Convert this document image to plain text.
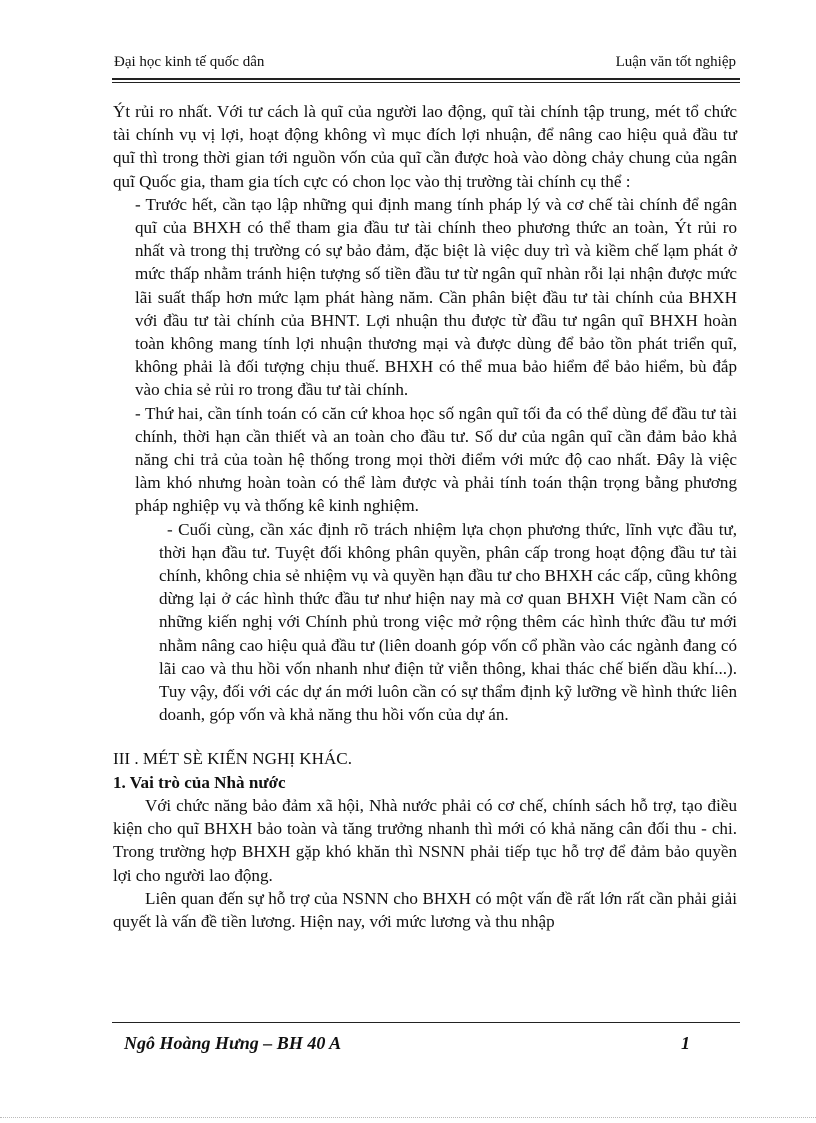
Đại học kinh tế quốc dân	Luận văn tốt nghiệp

Ýt rủi ro nhất. Với tư cách là quĩ của người lao động, quĩ tài chính tập trung, mét tổ chức tài chính vụ vị lợi, hoạt động không vì mục đích lợi nhuận, để nâng cao hiệu quả đầu tư quĩ thì trong thời gian tới nguồn vốn của quĩ cần được hoà vào dòng chảy chung của ngân quĩ Quốc gia, tham gia tích cực có chon lọc vào thị trường tài chính cụ thể :

- Trước hết, cần tạo lập những qui định mang tính pháp lý và cơ chế tài chính để ngân quĩ của BHXH có thể tham gia đầu tư tài chính theo phương thức an toàn, Ýt rủi ro nhất và trong thị trường có sự bảo đảm, đặc biệt là việc duy trì và kiềm chế lạm phát ở mức thấp nhằm tránh hiện tượng số tiền đầu tư từ ngân quĩ nhàn rỗi lại nhận được mức lãi suất thấp hơn mức lạm phát hàng năm. Cần phân biệt đầu tư tài chính của BHXH với đầu tư tài chính của BHNT. Lợi nhuận thu được từ đầu tư ngân quĩ BHXH hoàn toàn không mang tính lợi nhuận thương mại và được dùng để bảo tồn phát triển quĩ, không phải là đối tượng chịu thuế. BHXH có thể mua bảo hiểm để bảo hiểm, bù đắp vào chia sẻ rủi ro trong đầu tư tài chính.

- Thứ hai, cần tính toán có căn cứ khoa học số ngân quĩ tối đa có thể dùng để đầu tư tài chính, thời hạn cần thiết và an toàn cho đầu tư. Số dư của ngân quĩ cần đảm bảo khả năng chi trả của toàn hệ thống trong mọi thời điểm với mức độ cao nhất. Đây là việc làm khó nhưng hoàn toàn có thể làm được và phải tính toán thận trọng bằng phương pháp nghiệp vụ và thống kê kinh nghiệm.

- Cuối cùng, cần xác định rõ trách nhiệm lựa chọn phương thức, lĩnh vực đầu tư, thời hạn đầu tư. Tuyệt đối không phân quyền, phân cấp trong hoạt động đầu tư tài chính, không chia sẻ nhiệm vụ và quyền hạn đầu tư cho BHXH các cấp, cũng không dừng lại ở các hình thức đầu tư như hiện nay mà cơ quan BHXH Việt Nam cần có những kiến nghị với Chính phủ trong việc mở rộng thêm các hình thức đầu tư mới nhằm nâng cao hiệu quả đầu tư (liên doanh góp vốn cổ phần vào các ngành đang có lãi cao và thu hồi vốn nhanh như điện tử viễn thông, khai thác chế biến dầu khí...). Tuy vậy, đối với các dự án mới luôn cần có sự thẩm định kỹ lưỡng về hình thức liên doanh, góp vốn và khả năng thu hồi vốn của dự án.

III . MÉT SÈ KIẾN NGHỊ KHÁC.

1. Vai trò của Nhà nước

Với chức năng bảo đảm xã hội, Nhà nước phải có cơ chế, chính sách hỗ trợ, tạo điều kiện cho quĩ BHXH bảo toàn và tăng trưởng nhanh thì mới có khả năng cân đối thu - chi. Trong trường hợp BHXH gặp khó khăn thì NSNN phải tiếp tục hỗ trợ để đảm bảo quyền lợi cho người lao động.

Liên quan đến sự hỗ trợ của NSNN cho BHXH có một vấn đề rất lớn rất cần phải giải quyết là vấn đề tiền lương. Hiện nay, với mức lương và thu nhập

Ngô Hoàng Hưng – BH 40 A	1
